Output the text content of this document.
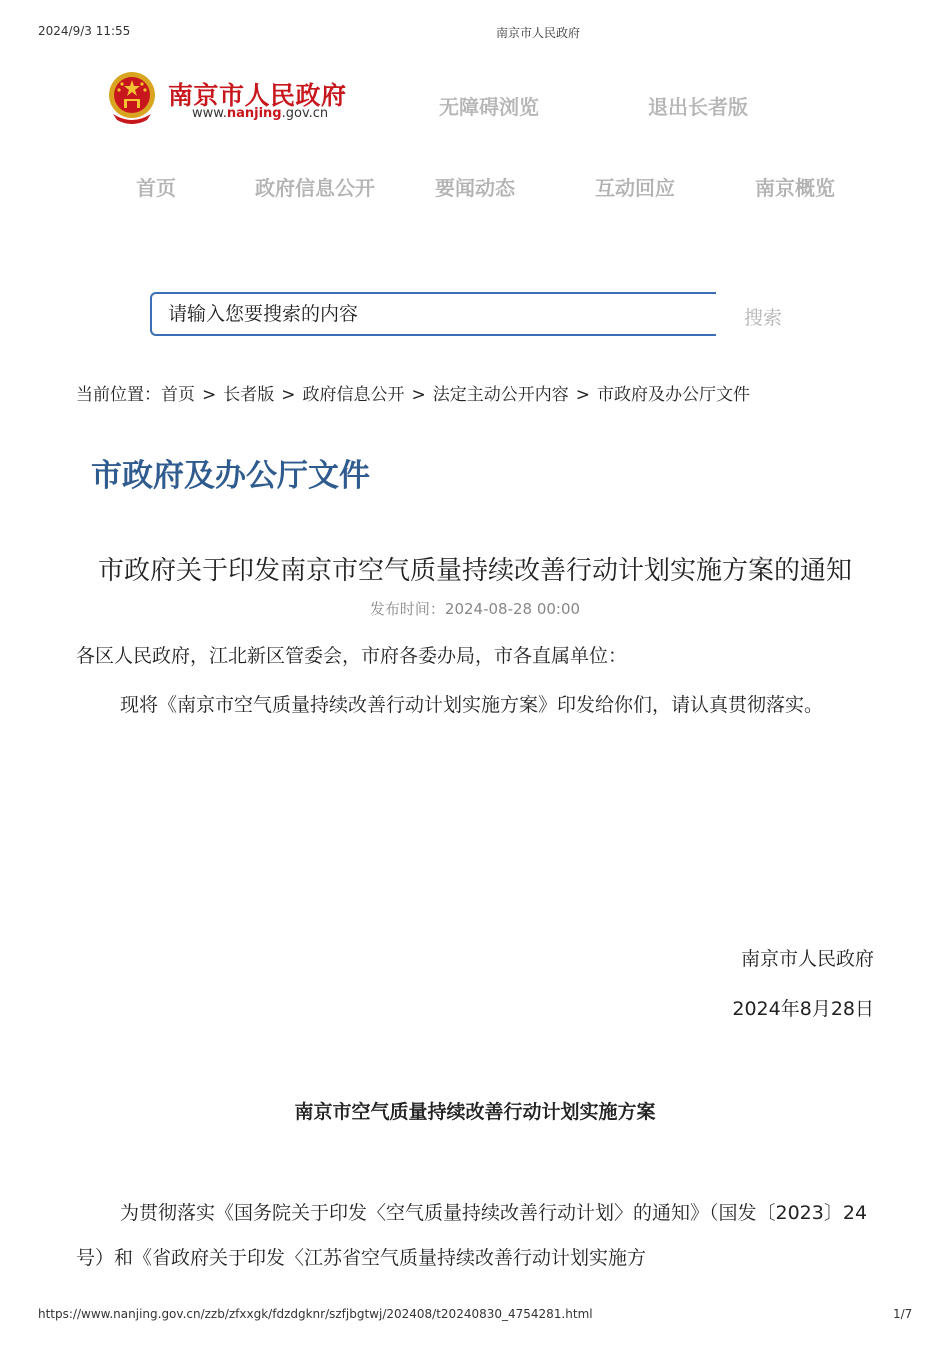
2024/9/3 11:55	南京市人民政府
南京市人民政府
www.nanjing.gov.cn	无障碍浏览	退出长者版
首页	政府信息公开	要闻动态	互动回应	南京概览
请输入您要搜索的内容
搜索
当前位置：首页 > 长者版 > 政府信息公开 > 法定主动公开内容 > 市政府及办公厅文件
市政府及办公厅文件
市政府关于印发南京市空气质量持续改善行动计划实施方案的通知
发布时间：2024-08-28 00:00
各区人民政府，江北新区管委会，市府各委办局，市各直属单位：
现将《南京市空气质量持续改善行动计划实施方案》印发给你们，请认真贯彻落实。
南京市人民政府
2024年8月28日
南京市空气质量持续改善行动计划实施方案
为贯彻落实《国务院关于印发〈空气质量持续改善行动计划〉的通知》（国发〔2023〕24号）和《省政府关于印发〈江苏省空气质量持续改善行动计划实施方
https://www.nanjing.gov.cn/zzb/zfxxgk/fdzdgknr/szfjbgtwj/202408/t20240830_4754281.html	1/7
